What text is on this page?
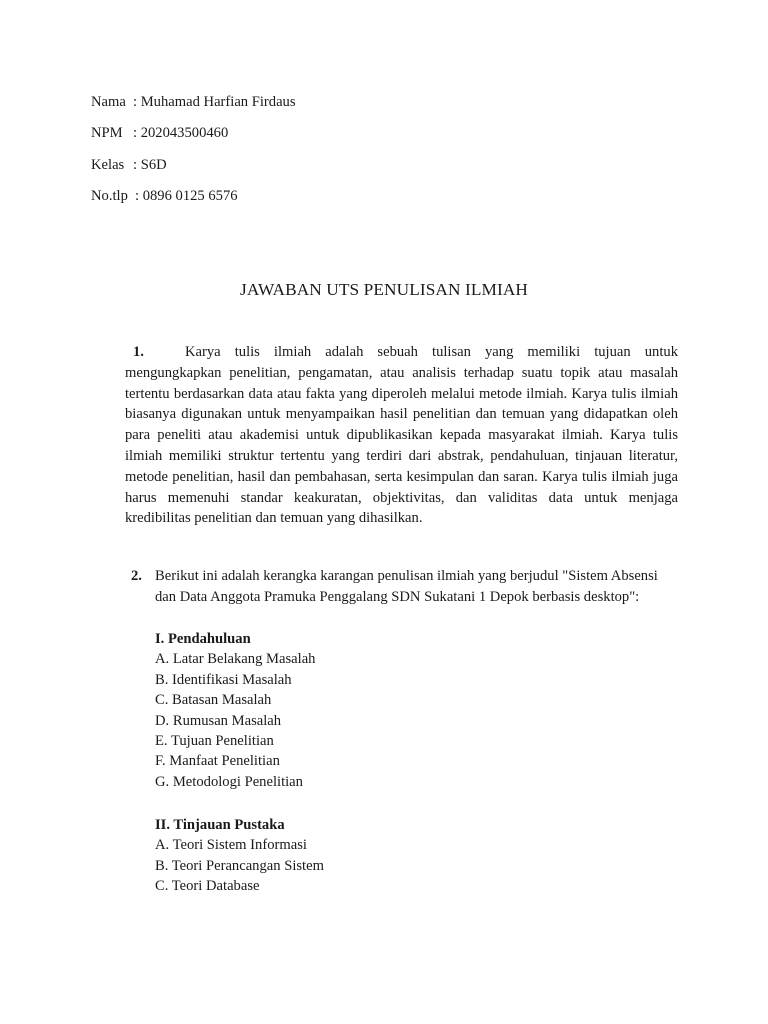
Nama : Muhamad Harfian Firdaus
NPM : 202043500460
Kelas : S6D
No.tlp : 0896 0125 6576
JAWABAN UTS PENULISAN ILMIAH

1.	Karya tulis ilmiah adalah sebuah tulisan yang memiliki tujuan untuk mengungkapkan penelitian, pengamatan, atau analisis terhadap suatu topik atau masalah tertentu berdasarkan data atau fakta yang diperoleh melalui metode ilmiah. Karya tulis ilmiah biasanya digunakan untuk menyampaikan hasil penelitian dan temuan yang didapatkan oleh para peneliti atau akademisi untuk dipublikasikan kepada masyarakat ilmiah. Karya tulis ilmiah memiliki struktur tertentu yang terdiri dari abstrak, pendahuluan, tinjauan literatur, metode penelitian, hasil dan pembahasan, serta kesimpulan dan saran. Karya tulis ilmiah juga harus memenuhi standar keakuratan, objektivitas, dan validitas data untuk menjaga kredibilitas penelitian dan temuan yang dihasilkan.

2. Berikut ini adalah kerangka karangan penulisan ilmiah yang berjudul "Sistem Absensi dan Data Anggota Pramuka Penggalang SDN Sukatani 1 Depok berbasis desktop":

I. Pendahuluan
A. Latar Belakang Masalah
B. Identifikasi Masalah
C. Batasan Masalah
D. Rumusan Masalah
E. Tujuan Penelitian
F. Manfaat Penelitian
G. Metodologi Penelitian
II. Tinjauan Pustaka
A. Teori Sistem Informasi
B. Teori Perancangan Sistem
C. Teori Database
